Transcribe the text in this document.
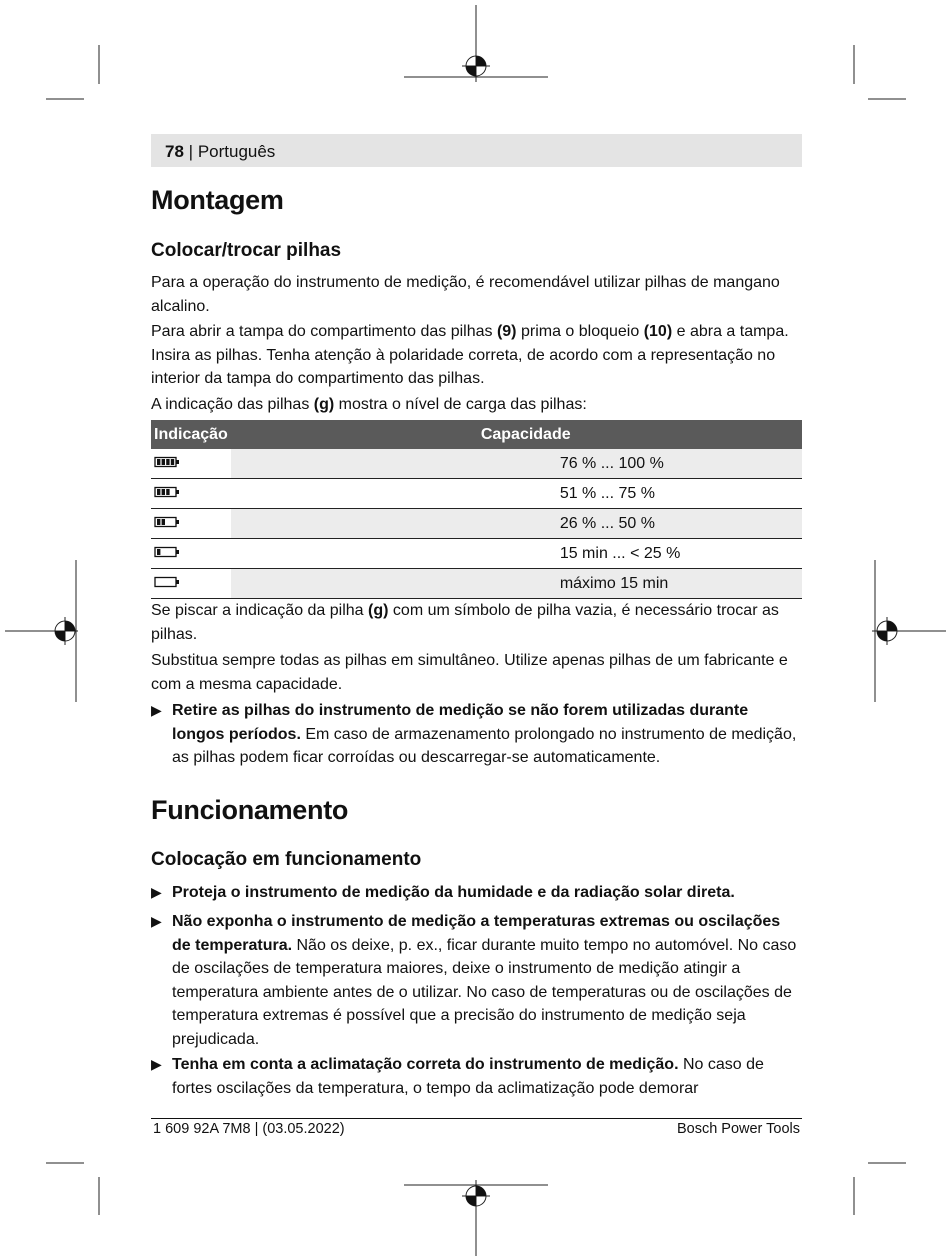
78 | Português
Montagem
Colocar/trocar pilhas
Para a operação do instrumento de medição, é recomendável utilizar pilhas de mangano alcalino.
Para abrir a tampa do compartimento das pilhas (9) prima o bloqueio (10) e abra a tampa. Insira as pilhas. Tenha atenção à polaridade correta, de acordo com a representação no interior da tampa do compartimento das pilhas.
A indicação das pilhas (g) mostra o nível de carga das pilhas:
Indicação	Capacidade
	76 % ... 100 %
	51 % ... 75 %
	26 % ... 50 %
	15 min ... < 25 %
	máximo 15 min
Se piscar a indicação da pilha (g) com um símbolo de pilha vazia, é necessário trocar as pilhas.
Substitua sempre todas as pilhas em simultâneo. Utilize apenas pilhas de um fabricante e com a mesma capacidade.
▶ Retire as pilhas do instrumento de medição se não forem utilizadas durante longos períodos. Em caso de armazenamento prolongado no instrumento de medição, as pilhas podem ficar corroídas ou descarregar-se automaticamente.
Funcionamento
Colocação em funcionamento
▶ Proteja o instrumento de medição da humidade e da radiação solar direta.
▶ Não exponha o instrumento de medição a temperaturas extremas ou oscilações de temperatura. Não os deixe, p. ex., ficar durante muito tempo no automóvel. No caso de oscilações de temperatura maiores, deixe o instrumento de medição atingir a temperatura ambiente antes de o utilizar. No caso de temperaturas ou de oscilações de temperatura extremas é possível que a precisão do instrumento de medição seja prejudicada.
▶ Tenha em conta a aclimatação correta do instrumento de medição. No caso de fortes oscilações da temperatura, o tempo da aclimatização pode demorar
1 609 92A 7M8 | (03.05.2022)	Bosch Power Tools
